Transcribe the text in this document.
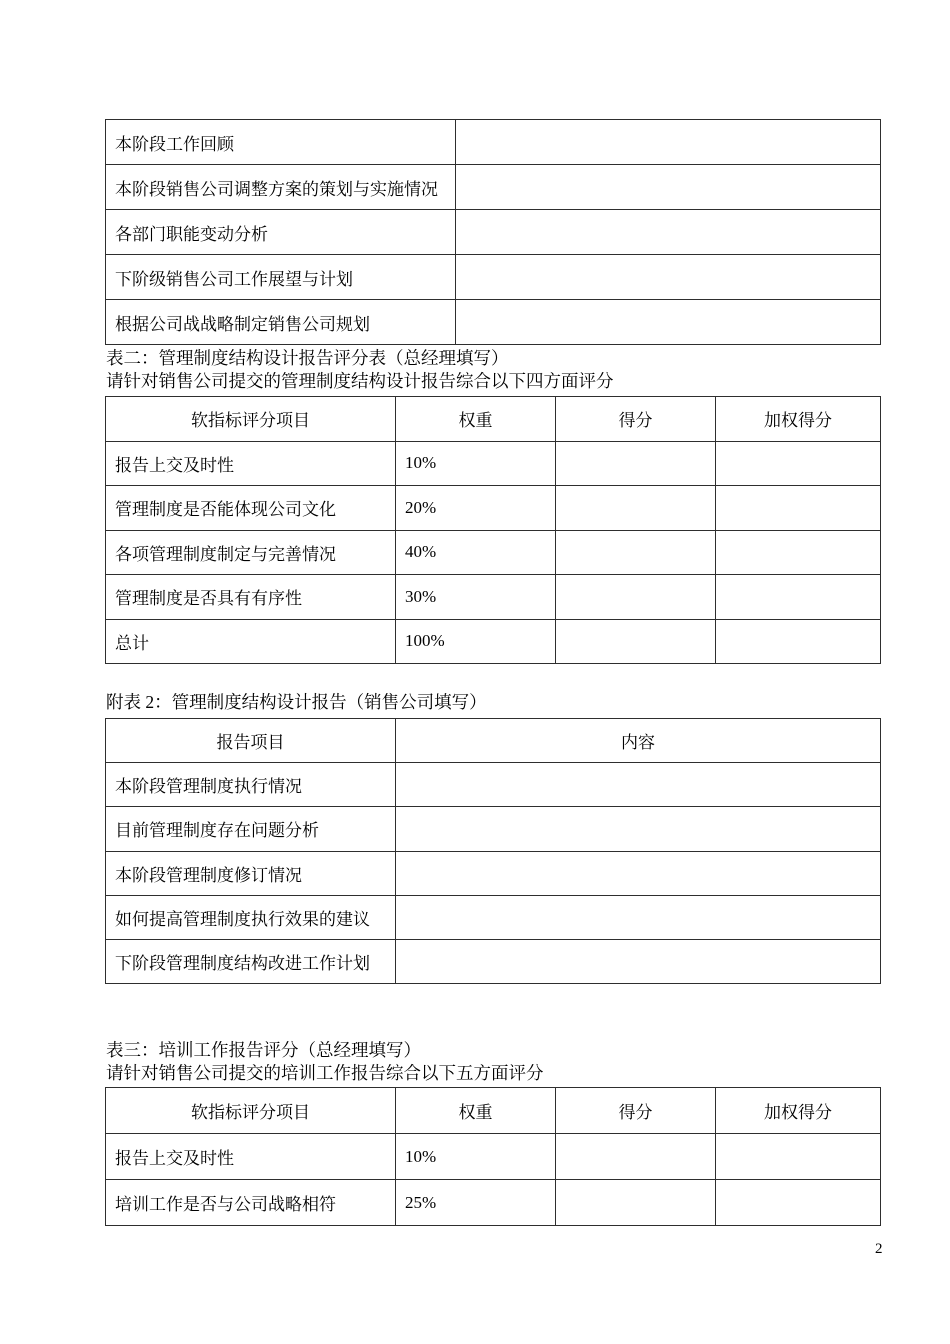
本阶段工作回顾	
本阶段销售公司调整方案的策划与实施情况	
各部门职能变动分析	
下阶级销售公司工作展望与计划	
根据公司战战略制定销售公司规划	
表二：管理制度结构设计报告评分表（总经理填写）
请针对销售公司提交的管理制度结构设计报告综合以下四方面评分
软指标评分项目	权重	得分	加权得分
报告上交及时性	10%		
管理制度是否能体现公司文化	20%		
各项管理制度制定与完善情况	40%		
管理制度是否具有有序性	30%		
总计	100%		
附表 2：管理制度结构设计报告（销售公司填写）
报告项目	内容
本阶段管理制度执行情况	
目前管理制度存在问题分析	
本阶段管理制度修订情况	
如何提高管理制度执行效果的建议	
下阶段管理制度结构改进工作计划	
表三：培训工作报告评分（总经理填写）
请针对销售公司提交的培训工作报告综合以下五方面评分
软指标评分项目	权重	得分	加权得分
报告上交及时性	10%		
培训工作是否与公司战略相符	25%		
2
